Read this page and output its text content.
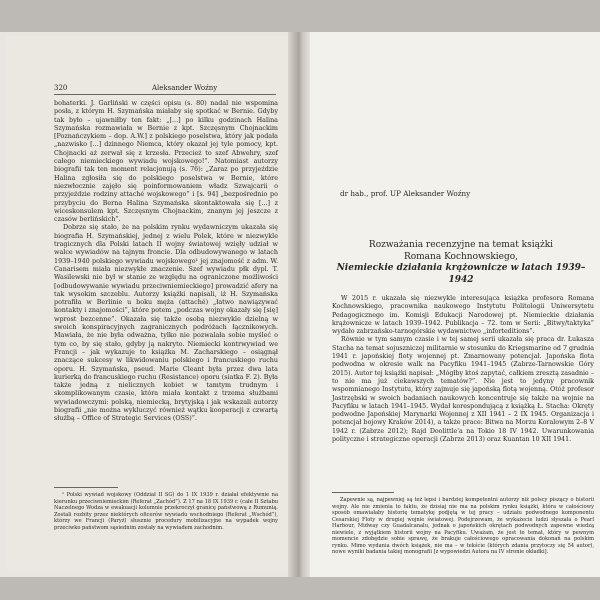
320	Aleksander Woźny

bohaterki. J. Garliński w części opisu (s. 80) nadal nie wspomina posła, z którym H. Szymańska miałaby się spotkać w Bernie. Gdyby tak było – ujawniłby ten fakt: „[...] po kilku godzinach Halina Szymańska rozmawiała w Bernie z kpt. Szczęsnym Chojnackim [Poznańczykiem – dop. A.W.] z polskiego poselstwa, który jak podała „nazwisko [...] dzinnego Niemca, który okazał jej tyle pomocy, kpt. Chojnacki aż zerwał się z krzesła. Przecież to szef Abwehry, szef całego niemieckiego wywiadu wojskowego!”. Natomiast autorzy biografii tak ten moment relacjonują (s. 76): „Zaraz po przyjeździe Halina zgłosiła się do polskiego poselstwa w Bernie, które niezwłocznie zajęło się poinformowaniem władz Szwajcarii o przyjeździe rodziny attaché wojskowego” i [s. 94] „bezpośrednio po przybyciu do Berna Halina Szymańska skontaktowała się [...] z wiceskonsulem kpt. Szczęsnym Chojnackim, znanym jej jeszcze z czasów berlińskich”.

Dobrze się stało, że na polskim rynku wydawniczym ukazała się biografia H. Szymańskiej, jednej z wielu Polek, które w niezwykle tragicznych dla Polski latach II wojny światowej wzięły udział w walce wywiadów na tajnym froncie. Dla odbudowywanego w latach 1939–1940 polskiego wywiadu wojskowego¹ jej znajomość z adm. W. Canarisem miała niezwykłe znaczenie. Szef wywiadu płk dypl. T. Wasilewski nie był w stanie ze względu na ograniczone możliwości [odbudowywanie wywiadu przeciwniemieckiego] prowadzić afery na tak wysokim szczeblu. Autorzy książki napisali, iż H. Szymańska potrafiła w Berlinie u boku męża (attaché) „łatwo nawiązywać kontakty i znajomości”, które potem „podczas wojny okazały się [się] wprost bezcenne”. Okazała się także osobą niezwykle dzielną w swoich konspiracyjnych zagranicznych podróżach łącznikowych. Mawiała, że nie była odważna, tylko nie pozwalała sobie myśleć o tym co, by się stało, gdyby ją nakryto. Niemiecki kontrwywiad we Francji – jak wykazuje to książka M. Zacharskiego – osiągnął znaczące sukcesy w likwidowaniu polskiego i francuskiego ruchu oporu. H. Szymańska, pseud. Marie Cleant była przez dwa lata kurierką do francuskiego ruchu (Resistance) oporu (siatka F. 2). Była także jedną z nielicznych kobiet w tamtym trudnym i skomplikowanym czasie, która miała kontakt z trzema służbami wywiadowczymi: polską, niemiecką, brytyjską i jak wskazali autorzy biografii „nie można wykluczyć również wątku kooperacji z czwartą służbą – Office of Strategic Services (OSS)”.

¹ Polski wywiad wojskowy (Oddział II SG) do 1 IX 1939 r. działał efektywnie na kierunku przeciwniemieckim (Referat „Zachód”). Z 17 na 18 IX 1939 r. (całe II Sztabu Naczelnego Wodza w ewakuacji kolumnie przekroczył granicę państwową z Rumunią. Zostali rozbity przez niektórych oficerów wywiadu wschodniego (Referat „Wschód”), którzy we Francji (Paryż) słusznie procedury mobilizacyjne na wypadek wojny przeciwko państwom sąsiednim zostały na wywiadem zachodnim.

dr hab., prof. UP Aleksander Woźny

Rozważania recenzyjne na temat książki

Romana Kochnowskiego,

Niemieckie działania krążownicze w latach 1939–1942

W 2015 r. ukazała się niezwykle interesująca książka profesora Romana Kochnowskiego, pracownika naukowego Instytutu Politologii Uniwersytetu Pedagogicznego im. Komisji Edukacji Narodowej pt. Niemieckie działania krążownicze w latach 1939–1942. Publikacja – 72. tom w Serii: „Bitwy/taktyka” wydało zabrzańsko-tarnogórskie wydawnictwo „inforteditions”.

Równie w tym samym czasie i w tej samej serii ukazała się praca dr. Łukasza Stacha na temat sojuszniczej militarnie w stosunku do Kriegsmarine od 7 grudnia 1941 r. japońskiej floty wojennej pt. Zmarnowany potencjał. Japońska flota podwodna w okresie walk na Pacyfiku 1941–1945 (Zabrze-Tarnowskie Góry 2015). Autor tej książki napisał: „Mógłby ktoś zapytać, całkiem zresztą zasadnie – to nie ma już ciekawszych tematów?”. Nie jest to jedyny pracownik wspomnianego Instytutu, który zajmuje się japońską flotą wojenną. Otóż profesor Jastrzębski w swoich badaniach naukowych koncentruje się także na wojnie na Pacyfiku w latach 1941–1945. Wydał korespondującą z książką Ł. Stacha: Okręty podwodne Japońskiej Marynarki Wojennej z XII 1941 – 2 IX 1945. Organizacja i potencjał bojowy Kraków 2014), a także prace: Bitwa na Morzu Koralowym 2–8 V 1942 r. (Zabrze 2012); Rajd Doolittle'a na Tokio 18 IV 1942. Uwarunkowania polityczne i strategiczne operacji (Zabrze 2013) oraz Kuantan 10 XII 1941.

Zapewnie są, najpewniej są też lepsi i bardziej kompetentni autorzy niż polscy piszący o historii wojny. Ale nie zmienia to faktu, że dzisiaj nie ma na polskim rynku książki, która w całościowy sposób omawiałaby historię tematykę podjętą w tej pracy – udziału podwodnego komponentu Cesarskiej Floty w drugiej wojnie światowej. Podejrzewam, że wykażecie ludzi słyszała o Pearl Harbour, Midway czy Guadalcanalu, jednak o japońskich okrętach podwodnych zapewne wiedzą niewiele, z wyjątkiem historii wojny na Pacyfiku. Uważam, że jest to temat, który w pewnym momencie zdobędzie sobie sprawę, że brakuje całościowego opracowania dokonań na polskim rynku. Mimo wydania dwóch książek, nie ma – w tekście (których zdania przytoczy się 54 autor), nowe wyniki badania takiej monografii [z wypowiedzi Autora na IV stronie okładki].
